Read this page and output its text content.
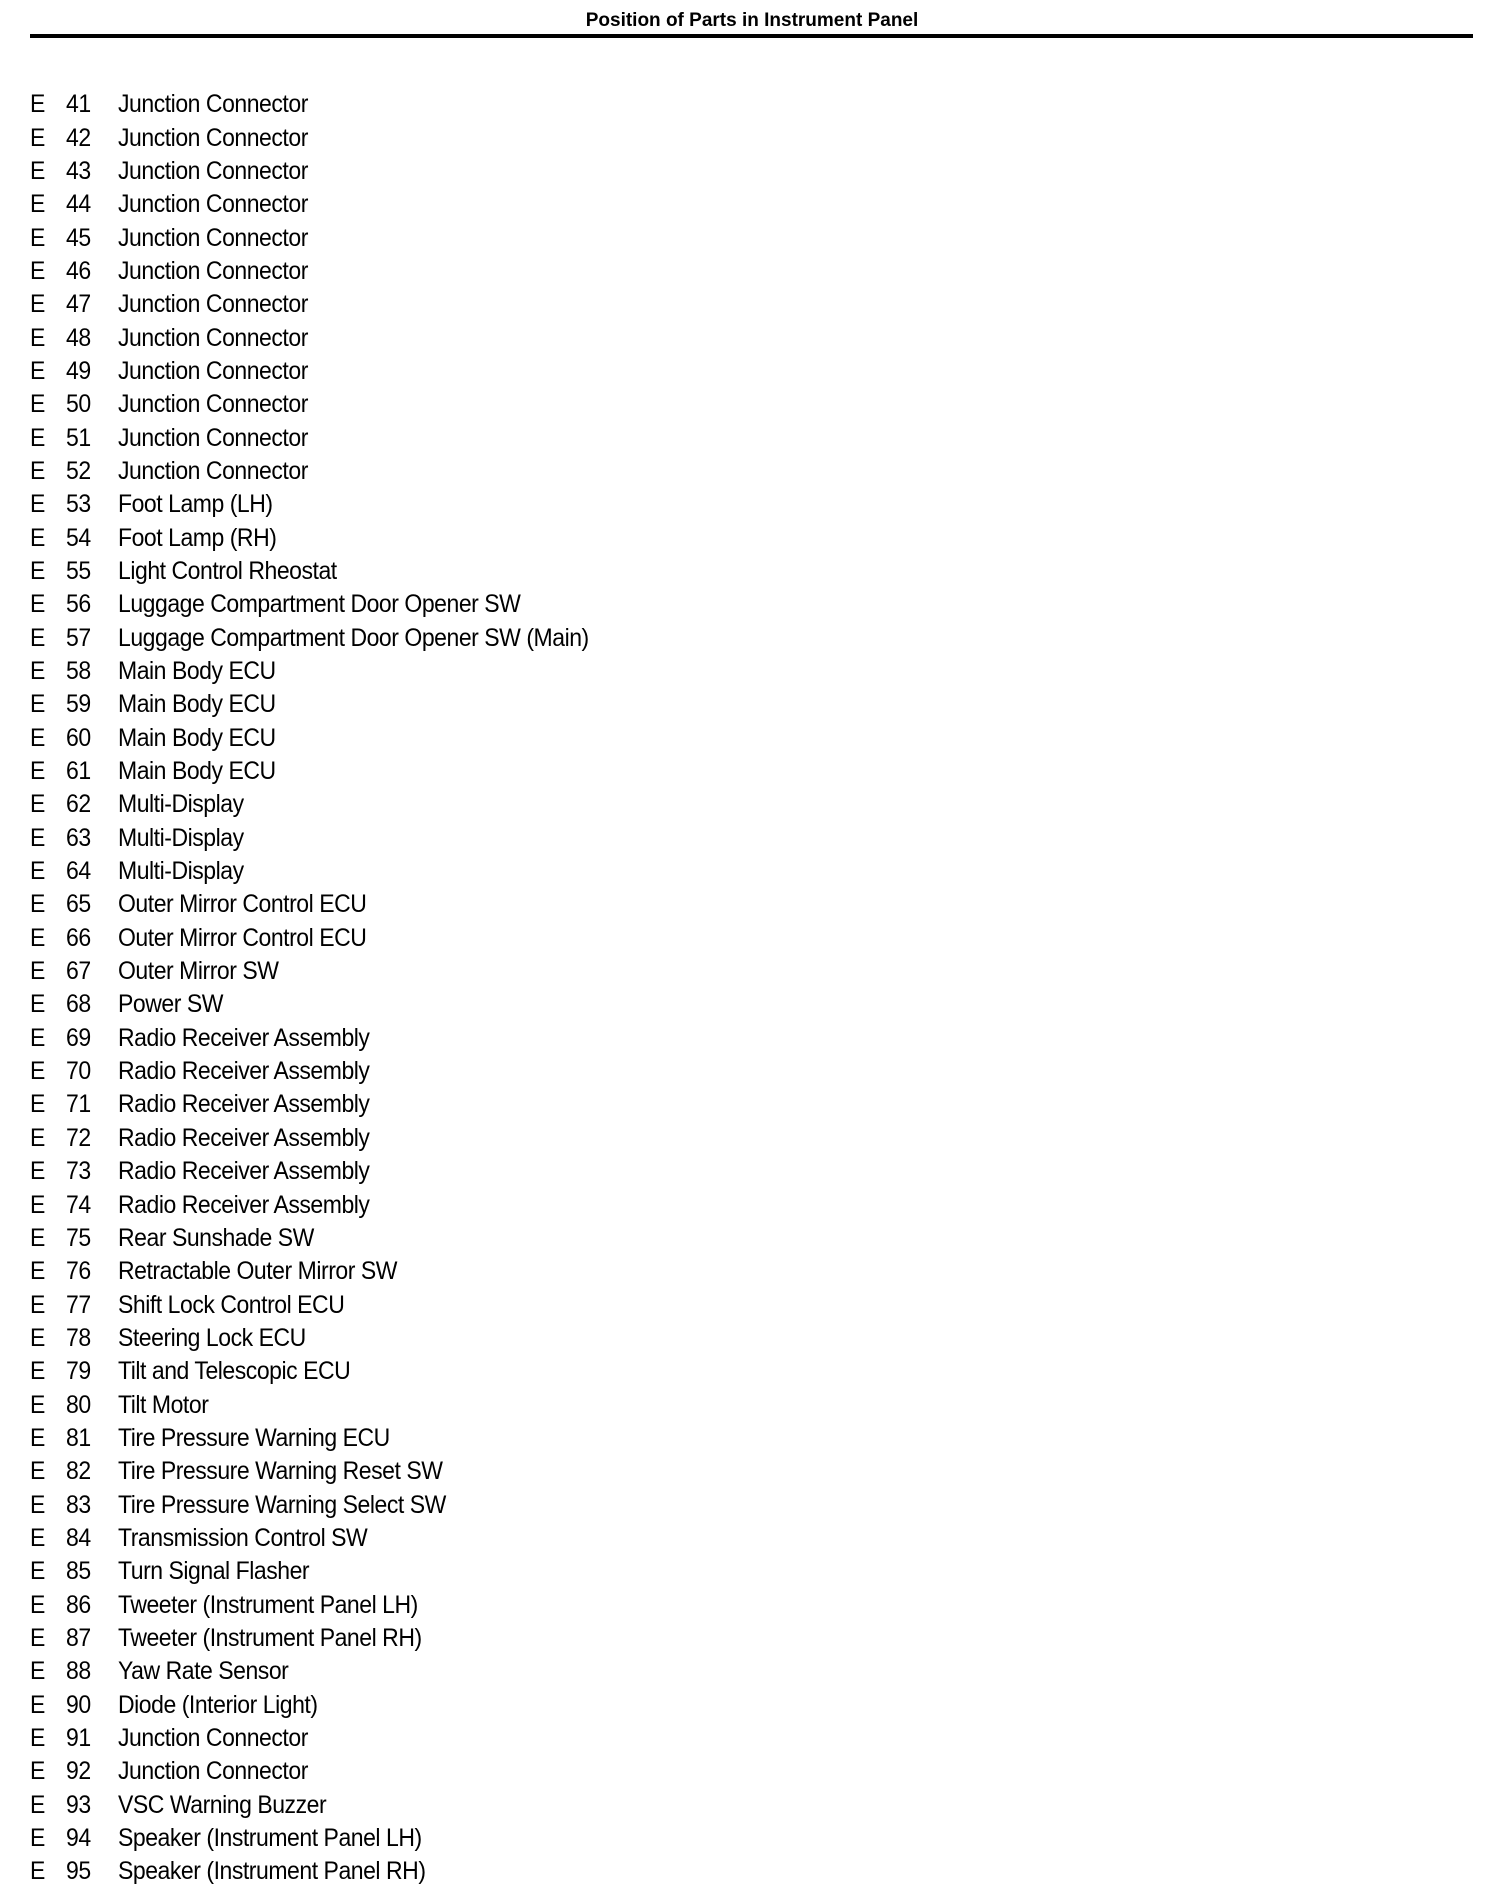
Position of Parts in Instrument Panel
E 41	Junction Connector
E 42	Junction Connector
E 43	Junction Connector
E 44	Junction Connector
E 45	Junction Connector
E 46	Junction Connector
E 47	Junction Connector
E 48	Junction Connector
E 49	Junction Connector
E 50	Junction Connector
E 51	Junction Connector
E 52	Junction Connector
E 53	Foot Lamp (LH)
E 54	Foot Lamp (RH)
E 55	Light Control Rheostat
E 56	Luggage Compartment Door Opener SW
E 57	Luggage Compartment Door Opener SW (Main)
E 58	Main Body ECU
E 59	Main Body ECU
E 60	Main Body ECU
E 61	Main Body ECU
E 62	Multi-Display
E 63	Multi-Display
E 64	Multi-Display
E 65	Outer Mirror Control ECU
E 66	Outer Mirror Control ECU
E 67	Outer Mirror SW
E 68	Power SW
E 69	Radio Receiver Assembly
E 70	Radio Receiver Assembly
E 71	Radio Receiver Assembly
E 72	Radio Receiver Assembly
E 73	Radio Receiver Assembly
E 74	Radio Receiver Assembly
E 75	Rear Sunshade SW
E 76	Retractable Outer Mirror SW
E 77	Shift Lock Control ECU
E 78	Steering Lock ECU
E 79	Tilt and Telescopic ECU
E 80	Tilt Motor
E 81	Tire Pressure Warning ECU
E 82	Tire Pressure Warning Reset SW
E 83	Tire Pressure Warning Select SW
E 84	Transmission Control SW
E 85	Turn Signal Flasher
E 86	Tweeter (Instrument Panel LH)
E 87	Tweeter (Instrument Panel RH)
E 88	Yaw Rate Sensor
E 90	Diode (Interior Light)
E 91	Junction Connector
E 92	Junction Connector
E 93	VSC Warning Buzzer
E 94	Speaker (Instrument Panel LH)
E 95	Speaker (Instrument Panel RH)
